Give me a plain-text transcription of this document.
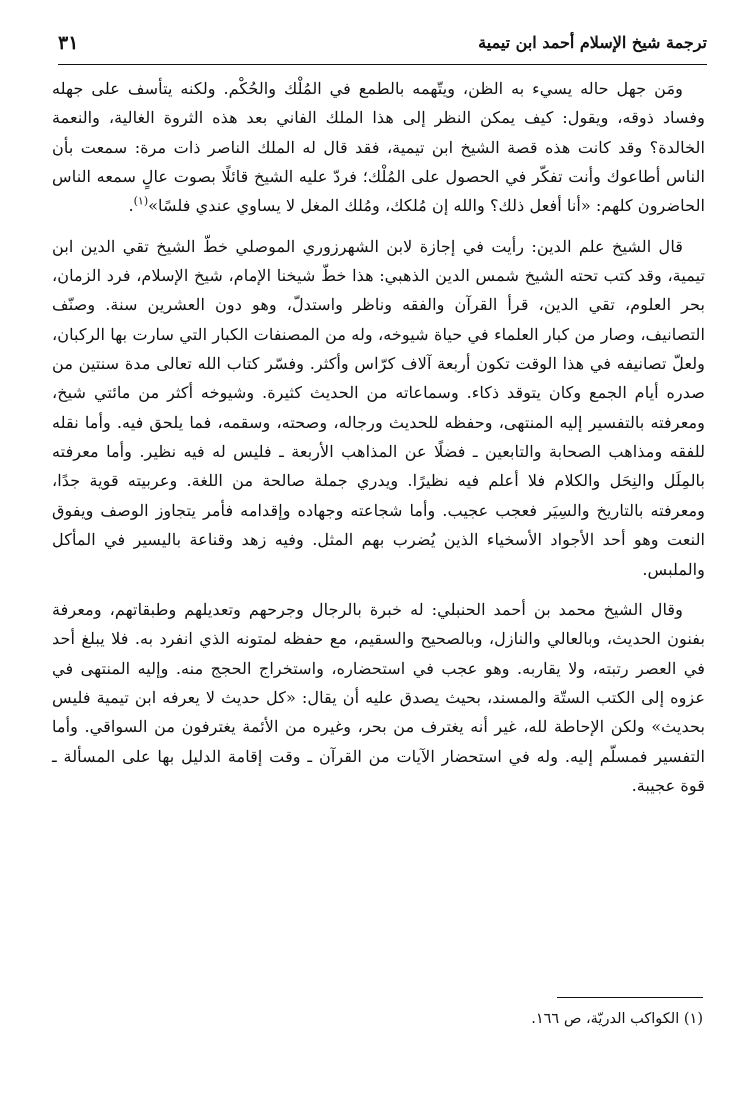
ترجمة شيخ الإسلام أحمد ابن تيمية
٣١

ومَن جهل حاله يسيء به الظن، ويتّهمه بالطمع في المُلْك والحُكْم. ولكنه يتأسف على جهله وفساد ذوقه، ويقول: كيف يمكن النظر إلى هذا الملك الفاني بعد هذه الثروة الغالية، والنعمة الخالدة؟ وقد كانت هذه قصة الشيخ ابن تيمية، فقد قال له الملك الناصر ذات مرة: سمعت بأن الناس أطاعوك وأنت تفكّر في الحصول على المُلْك؛ فردّ عليه الشيخ قائلًا بصوت عالٍ سمعه الناس الحاضرون كلهم: «أنا أفعل ذلك؟ والله إن مُلكك، ومُلك المغل لا يساوي عندي فلسًا»$^{(١)}$.

قال الشيخ علم الدين: رأيت في إجازة لابن الشهرزوري الموصلي خطّ الشيخ تقي الدين ابن تيمية، وقد كتب تحته الشيخ شمس الدين الذهبي: هذا خطّ شيخنا الإمام، شيخ الإسلام، فرد الزمان، بحر العلوم، تقي الدين، قرأ القرآن والفقه وناظر واستدلّ، وهو دون العشرين سنة. وصنّف التصانيف، وصار من كبار العلماء في حياة شيوخه، وله من المصنفات الكبار التي سارت بها الركبان، ولعلّ تصانيفه في هذا الوقت تكون أربعة آلاف كرّاس وأكثر. وفسّر كتاب الله تعالى مدة سنتين من صدره أيام الجمع وكان يتوقد ذكاء. وسماعاته من الحديث كثيرة. وشيوخه أكثر من مائتي شيخ، ومعرفته بالتفسير إليه المنتهى، وحفظه للحديث ورجاله، وصحته، وسقمه، فما يلحق فيه. وأما نقله للفقه ومذاهب الصحابة والتابعين ـ فضلًا عن المذاهب الأربعة ـ فليس له فيه نظير. وأما معرفته بالمِلَل والنِحَل والكلام فلا أعلم فيه نظيرًا. ويدري جملة صالحة من اللغة. وعربيته قوية جدًا، ومعرفته بالتاريخ والسِيَر فعجب عجيب. وأما شجاعته وجهاده وإقدامه فأمر يتجاوز الوصف ويفوق النعت وهو أحد الأجواد الأسخياء الذين يُضرب بهم المثل. وفيه زهد وقناعة باليسير في المأكل والملبس.

وقال الشيخ محمد بن أحمد الحنبلي: له خبرة بالرجال وجرحهم وتعديلهم وطبقاتهم، ومعرفة بفنون الحديث، وبالعالي والنازل، وبالصحيح والسقيم، مع حفظه لمتونه الذي انفرد به. فلا يبلغ أحد في العصر رتبته، ولا يقاربه. وهو عجب في استحضاره، واستخراج الحجج منه. وإليه المنتهى في عزوه إلى الكتب الستّة والمسند، بحيث يصدق عليه أن يقال: «كل حديث لا يعرفه ابن تيمية فليس بحديث» ولكن الإحاطة لله، غير أنه يغترف من بحر، وغيره من الأئمة يغترفون من السواقي. وأما التفسير فمسلّم إليه. وله في استحضار الآيات من القرآن ـ وقت إقامة الدليل بها على المسألة ـ قوة عجيبة.

(١) الكواكب الدريّة، ص ١٦٦.
